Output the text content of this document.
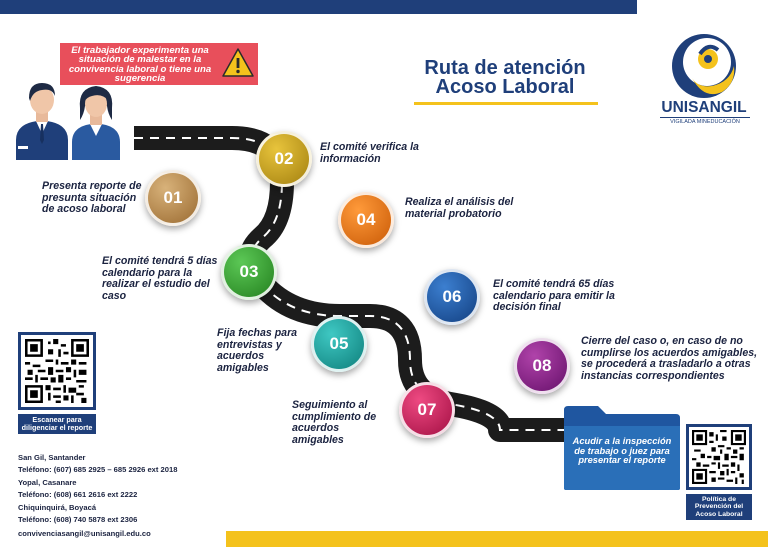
El trabajador experimenta una situación de malestar en la convivencia laboral o tiene una sugerencia	Ruta de atención
Acoso Laboral
UNISANGIL
VIGILADA MINEDUCACIÓN
01
02
03
04
05
06
07
08
Presenta reporte de presunta situación de acoso laboral
El comité verifica la información
El comité tendrá 5 días calendario para la realizar el estudio del caso
Realiza el análisis del material probatorio
Fija fechas para entrevistas y acuerdos amigables
El comité tendrá 65 días calendario para emitir la decisión final
Seguimiento al cumplimiento de acuerdos amigables
Cierre del caso o, en caso de no cumplirse los acuerdos amigables, se procederá a trasladarlo a otras instancias correspondientes
Acudir a la inspección de trabajo o juez para presentar el reporte
Escanear para diligenciar el reporte
Política de Prevención del Acoso Laboral
San Gil, Santander
Teléfono: (607) 685 2925 – 685 2926 ext 2018
Yopal, Casanare
Teléfono: (608) 661 2616 ext 2222
Chiquinquirá, Boyacá
Teléfono: (608) 740 5878 ext 2306
convivenciasangil@unisangil.edu.co
